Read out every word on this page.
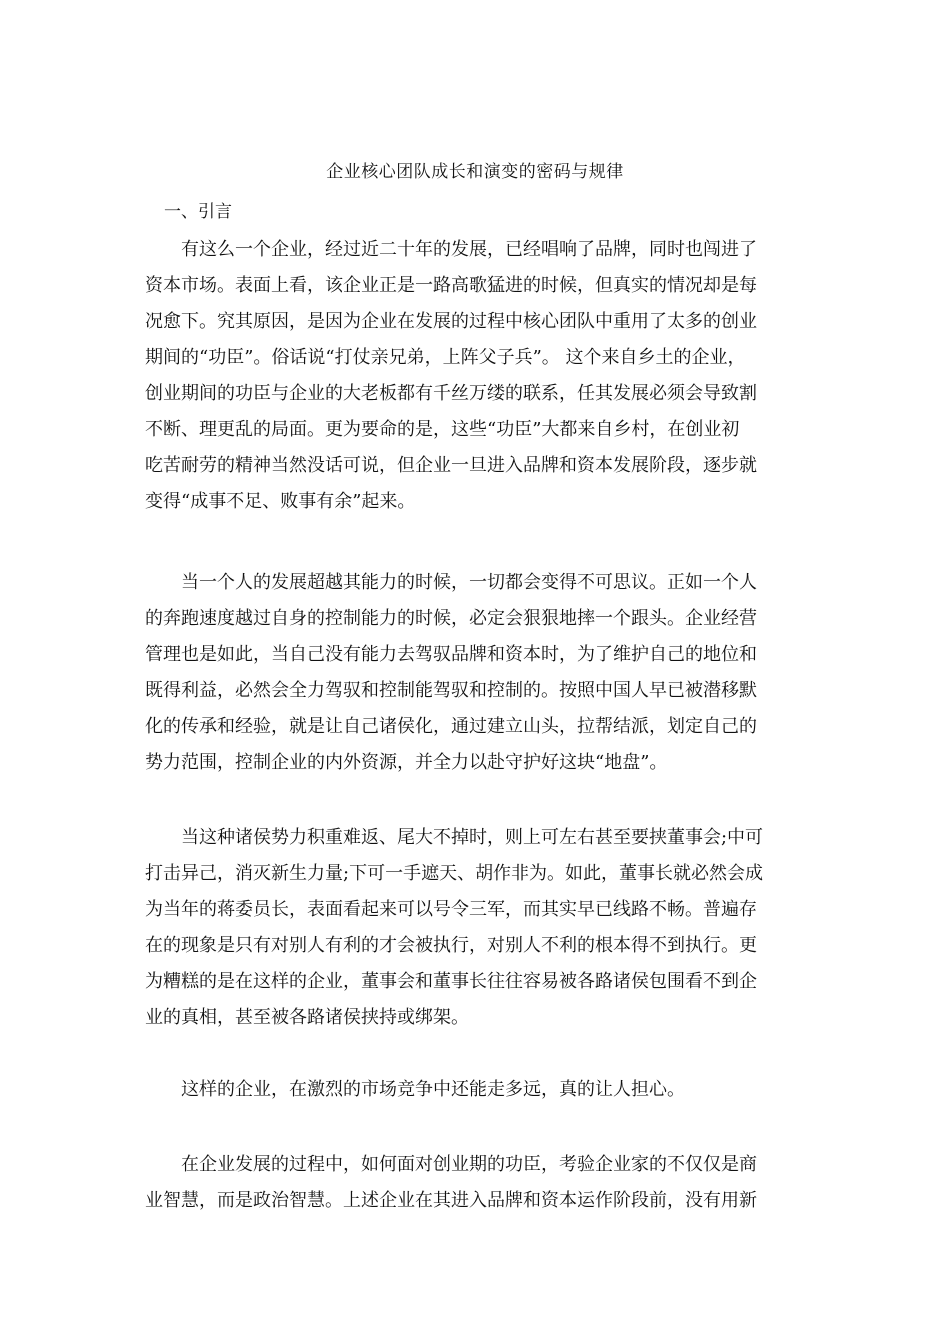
企业核心团队成长和演变的密码与规律
一、引言
　　有这么一个企业，经过近二十年的发展，已经唱响了品牌，同时也闯进了
资本市场。表面上看，该企业正是一路高歌猛进的时候，但真实的情况却是每
况愈下。究其原因，是因为企业在发展的过程中核心团队中重用了太多的创业
期间的“功臣”。俗话说“打仗亲兄弟，上阵父子兵”。 这个来自乡土的企业，
创业期间的功臣与企业的大老板都有千丝万缕的联系，任其发展必须会导致割
不断、理更乱的局面。更为要命的是，这些“功臣”大都来自乡村，在创业初
吃苦耐劳的精神当然没话可说，但企业一旦进入品牌和资本发展阶段，逐步就
变得“成事不足、败事有余”起来。
　　当一个人的发展超越其能力的时候，一切都会变得不可思议。正如一个人
的奔跑速度越过自身的控制能力的时候，必定会狠狠地摔一个跟头。企业经营
管理也是如此，当自己没有能力去驾驭品牌和资本时，为了维护自己的地位和
既得利益，必然会全力驾驭和控制能驾驭和控制的。按照中国人早已被潜移默
化的传承和经验，就是让自己诸侯化，通过建立山头，拉帮结派，划定自己的
势力范围，控制企业的内外资源，并全力以赴守护好这块“地盘”。
　　当这种诸侯势力积重难返、尾大不掉时，则上可左右甚至要挟董事会;中可
打击异己，消灭新生力量;下可一手遮天、胡作非为。如此，董事长就必然会成
为当年的蒋委员长，表面看起来可以号令三军，而其实早已线路不畅。普遍存
在的现象是只有对别人有利的才会被执行，对别人不利的根本得不到执行。更
为糟糕的是在这样的企业，董事会和董事长往往容易被各路诸侯包围看不到企
业的真相，甚至被各路诸侯挟持或绑架。
　　这样的企业，在激烈的市场竞争中还能走多远，真的让人担心。
　　在企业发展的过程中，如何面对创业期的功臣，考验企业家的不仅仅是商
业智慧，而是政治智慧。上述企业在其进入品牌和资本运作阶段前，没有用新
